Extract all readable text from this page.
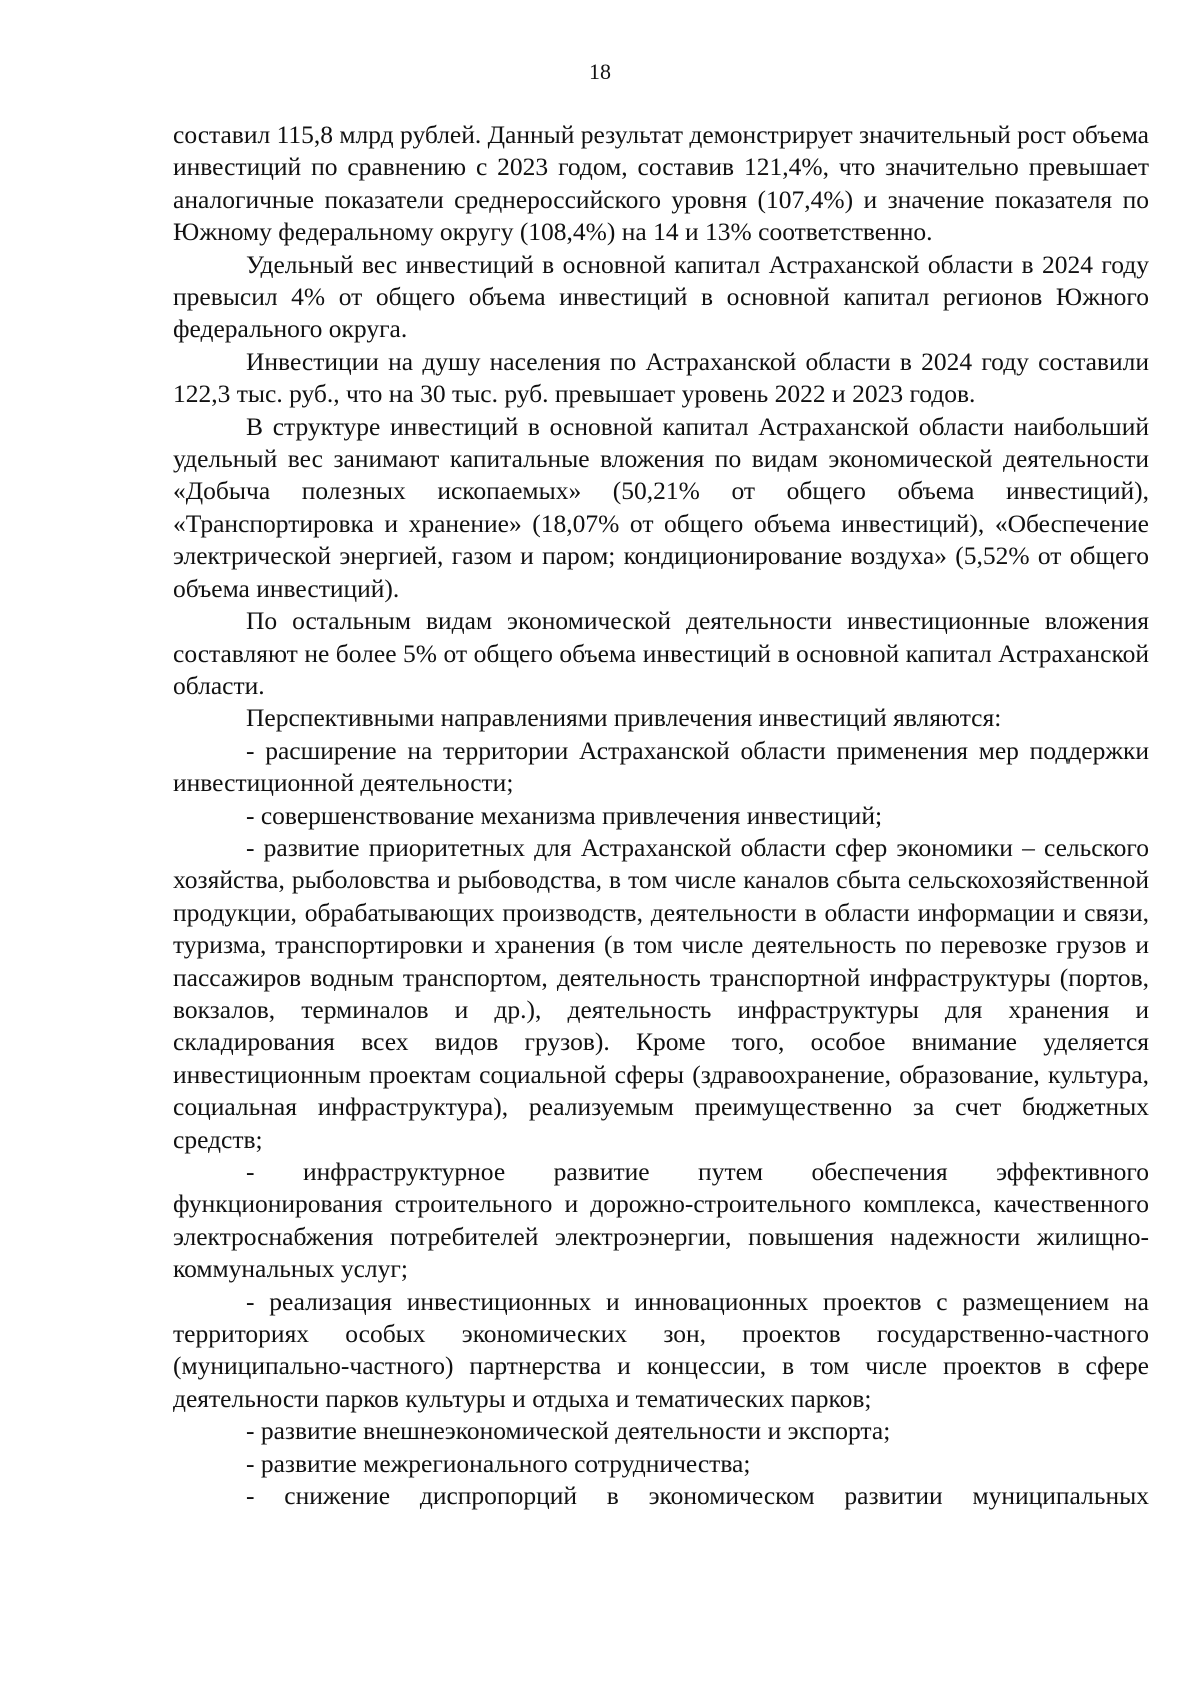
18

составил 115,8 млрд рублей. Данный результат демонстрирует значительный рост объема инвестиций по сравнению с 2023 годом, составив 121,4%, что значительно превышает аналогичные показатели среднероссийского уровня (107,4%) и значение показателя по Южному федеральному округу (108,4%) на 14 и 13% соответственно.

Удельный вес инвестиций в основной капитал Астраханской области в 2024 году превысил 4% от общего объема инвестиций в основной капитал регионов Южного федерального округа.

Инвестиции на душу населения по Астраханской области в 2024 году составили 122,3 тыс. руб., что на 30 тыс. руб. превышает уровень 2022 и 2023 годов.

В структуре инвестиций в основной капитал Астраханской области наибольший удельный вес занимают капитальные вложения по видам экономической деятельности «Добыча полезных ископаемых» (50,21% от общего объема инвестиций), «Транспортировка и хранение» (18,07% от общего объема инвестиций), «Обеспечение электрической энергией, газом и паром; кондиционирование воздуха» (5,52% от общего объема инвестиций).

По остальным видам экономической деятельности инвестиционные вложения составляют не более 5% от общего объема инвестиций в основной капитал Астраханской области.

Перспективными направлениями привлечения инвестиций являются:

- расширение на территории Астраханской области применения мер поддержки инвестиционной деятельности;

- совершенствование механизма привлечения инвестиций;

- развитие приоритетных для Астраханской области сфер экономики – сельского хозяйства, рыболовства и рыбоводства, в том числе каналов сбыта сельскохозяйственной продукции, обрабатывающих производств, деятельности в области информации и связи, туризма, транспортировки и хранения (в том числе деятельность по перевозке грузов и пассажиров водным транспортом, деятельность транспортной инфраструктуры (портов, вокзалов, терминалов и др.), деятельность инфраструктуры для хранения и складирования всех видов грузов). Кроме того, особое внимание уделяется инвестиционным проектам социальной сферы (здравоохранение, образование, культура, социальная инфраструктура), реализуемым преимущественно за счет бюджетных средств;

- инфраструктурное развитие путем обеспечения эффективного функционирования строительного и дорожно-строительного комплекса, качественного электроснабжения потребителей электроэнергии, повышения надежности жилищно-коммунальных услуг;

- реализация инвестиционных и инновационных проектов с размещением на территориях особых экономических зон, проектов государственно-частного (муниципально-частного) партнерства и концессии, в том числе проектов в сфере деятельности парков культуры и отдыха и тематических парков;

- развитие внешнеэкономической деятельности и экспорта;

- развитие межрегионального сотрудничества;

- снижение диспропорций в экономическом развитии муниципальных
